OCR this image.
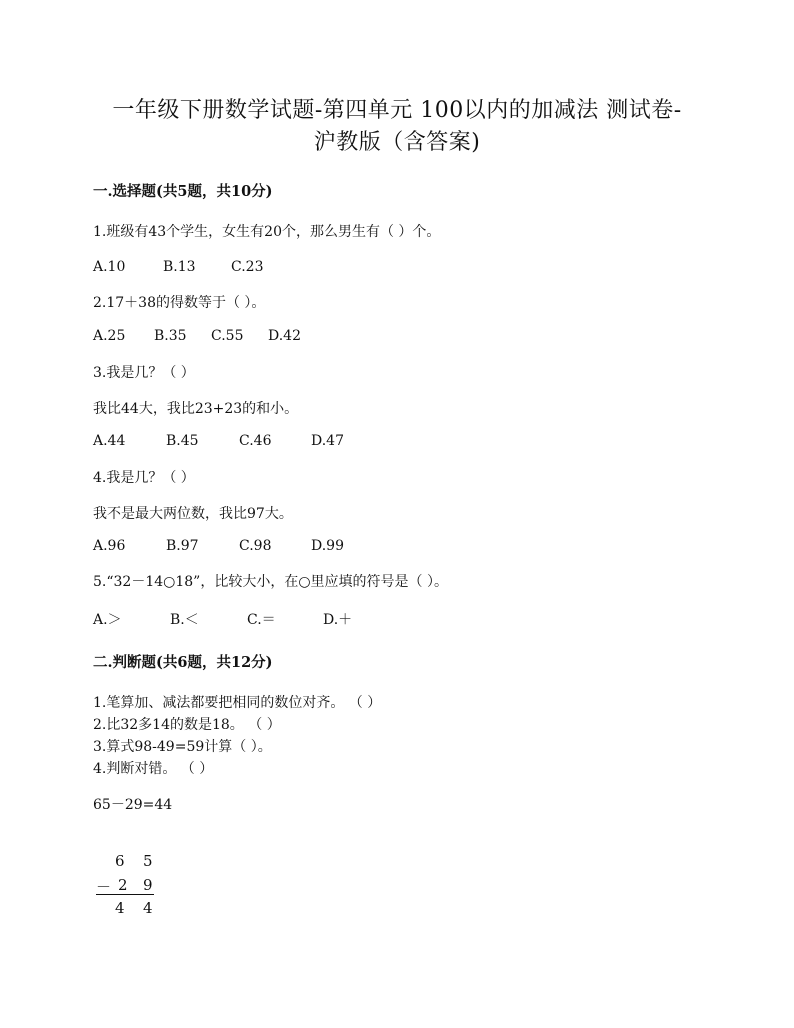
一年级下册数学试题-第四单元 100以内的加减法 测试卷-
沪教版（含答案)
一.选择题(共5题，共10分)
1.班级有43个学生，女生有20个，那么男生有（ ）个。
A.10	B.13	C.23
2.17＋38的得数等于（ ）。
A.25 B.35 C.55 D.42
3.我是几？（ ）
我比44大，我比23+23的和小。
A.44	B.45	C.46	D.47
4.我是几？（ ）
我不是最大两位数，我比97大。
A.96	B.97	C.98	D.99
5.“32－14○18”，比较大小，在○里应填的符号是（ ）。
A.＞	B.＜	C.＝	D.＋
二.判断题(共6题，共12分)
1.笔算加、减法都要把相同的数位对齐。 （ ）
2.比32多14的数是18。 （ ）
3.算式98-49=59计算（ ）。
4.判断对错。 （ ）
65－29=44
6 5
－ 2 9
4 4
